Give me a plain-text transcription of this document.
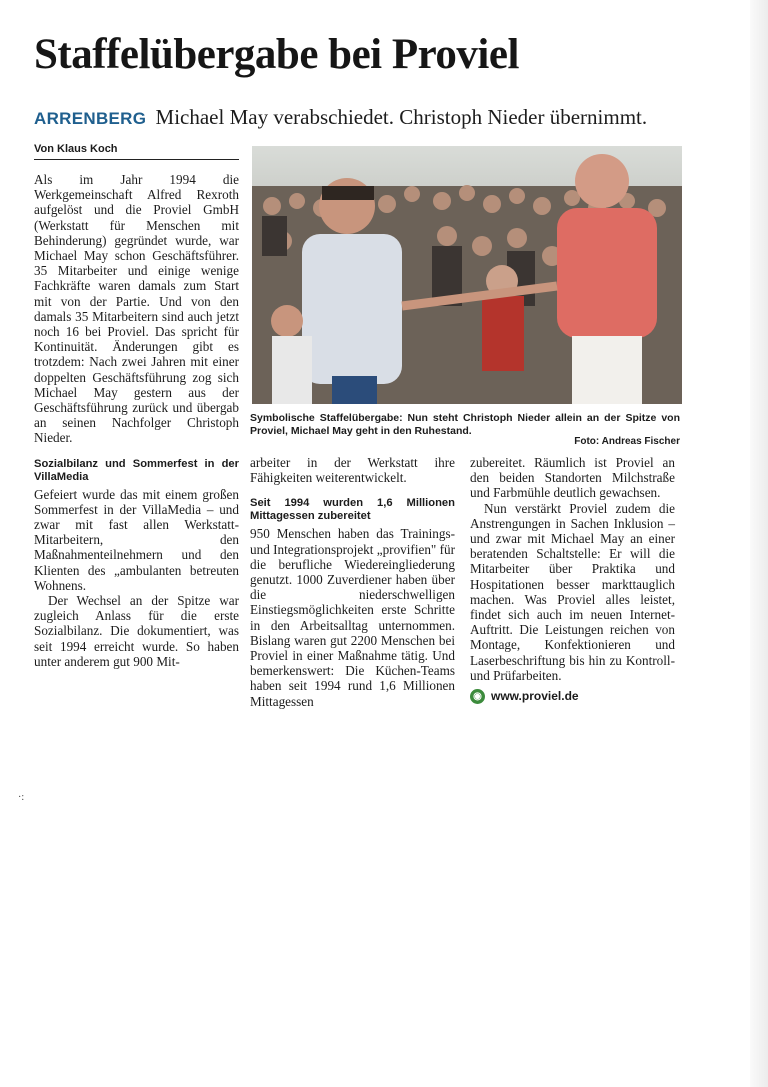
Staffelübergabe bei Proviel
ARRENBERG Michael May verabschiedet. Christoph Nieder übernimmt.
Von Klaus Koch

Als im Jahr 1994 die Werkgemeinschaft Alfred Rexroth aufgelöst und die Proviel GmbH (Werkstatt für Menschen mit Behinderung) gegründet wurde, war Michael May schon Geschäftsführer. 35 Mitarbeiter und einige wenige Fachkräfte waren damals zum Start mit von der Partie. Und von den damals 35 Mitarbeitern sind auch jetzt noch 16 bei Proviel. Das spricht für Kontinuität. Änderungen gibt es trotzdem: Nach zwei Jahren mit einer doppelten Geschäftsführung zog sich Michael May gestern aus der Geschäftsführung zurück und übergab an seinen Nachfolger Christoph Nieder.

Sozialbilanz und Sommerfest in der VillaMedia

Gefeiert wurde das mit einem großen Sommerfest in der VillaMedia – und zwar mit fast allen Werkstatt-Mitarbeitern, den Maßnahmenteilnehmern und den Klienten des „ambulanten betreuten Wohnens.

Der Wechsel an der Spitze war zugleich Anlass für die erste Sozialbilanz. Die dokumentiert, was seit 1994 erreicht wurde. So haben unter anderem gut 900 Mit-

Symbolische Staffelübergabe: Nun steht Christoph Nieder allein an der Spitze von Proviel, Michael May geht in den Ruhestand.
Foto: Andreas Fischer

arbeiter in der Werkstatt ihre Fähigkeiten weiterentwickelt.

Seit 1994 wurden 1,6 Millionen Mittagessen zubereitet

950 Menschen haben das Trainings- und Integrationsprojekt „provifien" für die berufliche Wiedereingliederung genutzt. 1000 Zuverdiener haben über die niederschwelligen Einstiegsmöglichkeiten erste Schritte in den Arbeitsalltag unternommen. Bislang waren gut 2200 Menschen bei Proviel in einer Maßnahme tätig. Und bemerkenswert: Die Küchen-Teams haben seit 1994 rund 1,6 Millionen Mittagessen

zubereitet. Räumlich ist Proviel an den beiden Standorten Milchstraße und Farbmühle deutlich gewachsen.

Nun verstärkt Proviel zudem die Anstrengungen in Sachen Inklusion – und zwar mit Michael May an einer beratenden Schaltstelle: Er will die Mitarbeiter über Praktika und Hospitationen besser markttauglich machen. Was Proviel alles leistet, findet sich auch im neuen Internet-Auftritt. Die Leistungen reichen von Montage, Konfektionieren und Laserbeschriftung bis hin zu Kontroll- und Prüfarbeiten.

◉ www.proviel.de
·:
